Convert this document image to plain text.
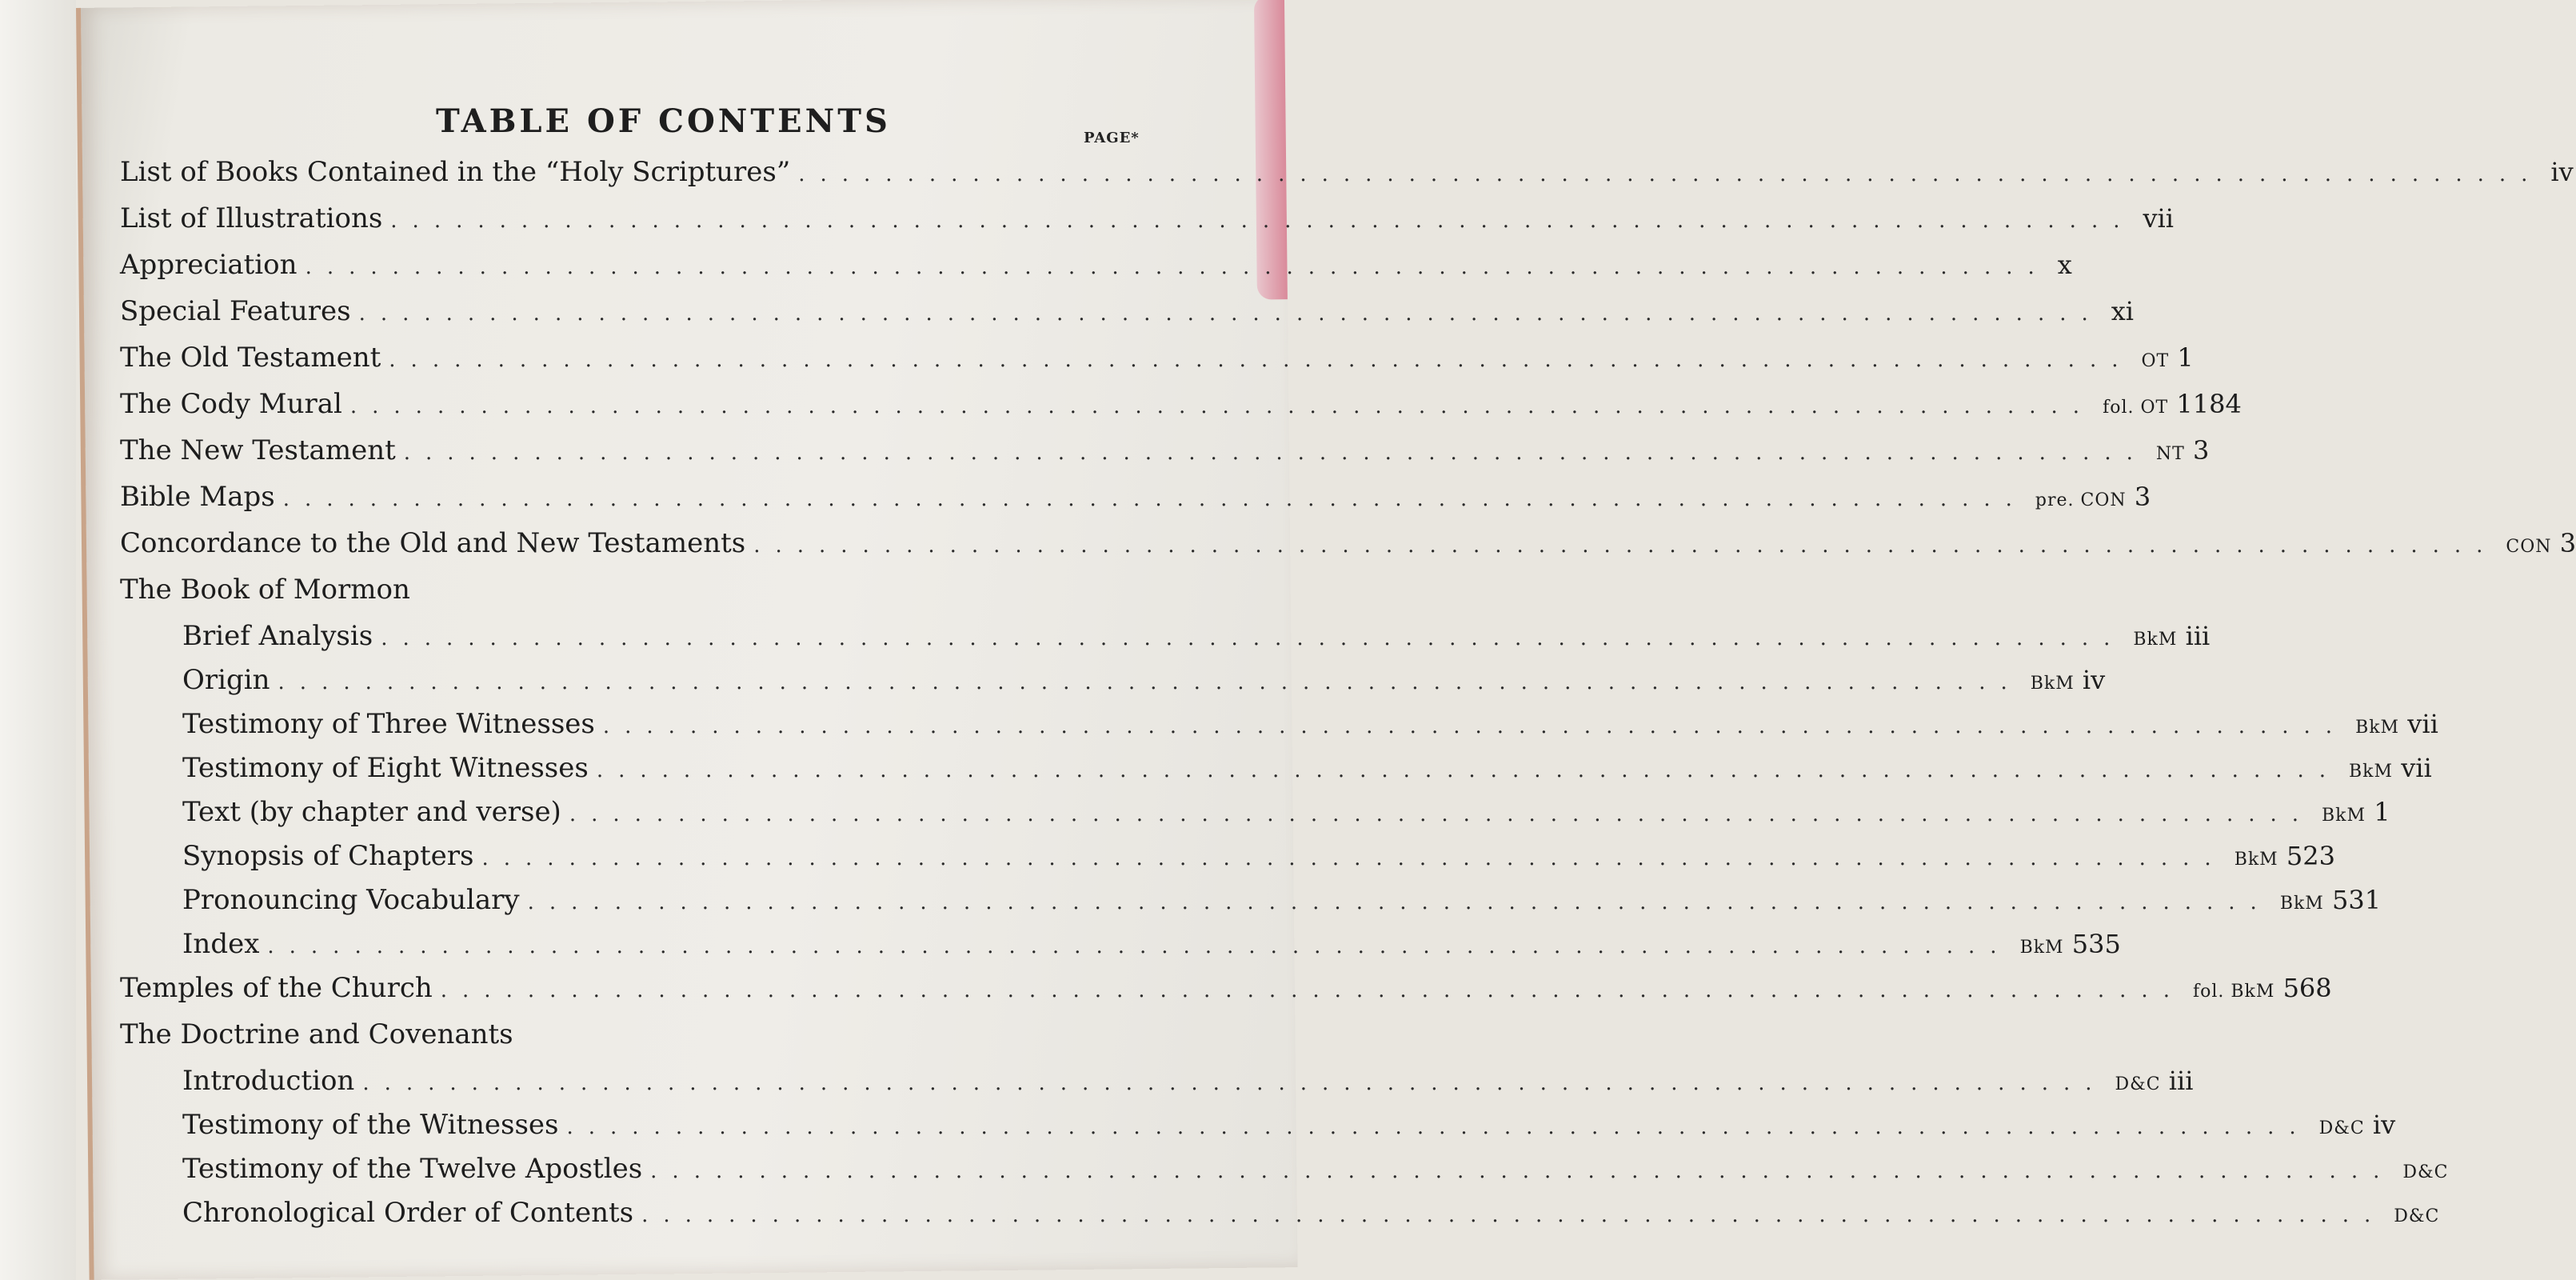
TABLE OF CONTENTS	PAGE*
List of Books Contained in the “Holy Scriptures” ................................................................................ iv
List of Illustrations ................................................................................ vii
Appreciation ................................................................................ x
Special Features ................................................................................ xi
The Old Testament ................................................................................ OT 1
The Cody Mural ................................................................................ fol. OT 1184
The New Testament ................................................................................ NT 3
Bible Maps ................................................................................ pre. CON 3
Concordance to the Old and New Testaments ................................................................................ CON 3
The Book of Mormon
Brief Analysis ................................................................................ BkM iii
Origin ................................................................................ BkM iv
Testimony of Three Witnesses ................................................................................ BkM vii
Testimony of Eight Witnesses ................................................................................ BkM vii
Text (by chapter and verse) ................................................................................ BkM 1
Synopsis of Chapters ................................................................................ BkM 523
Pronouncing Vocabulary ................................................................................ BkM 531
Index ................................................................................ BkM 535
Temples of the Church ................................................................................ fol. BkM 568
The Doctrine and Covenants
Introduction ................................................................................ D&C iii
Testimony of the Witnesses ................................................................................ D&C iv
Testimony of the Twelve Apostles ................................................................................ D&C
Chronological Order of Contents ................................................................................ D&C
